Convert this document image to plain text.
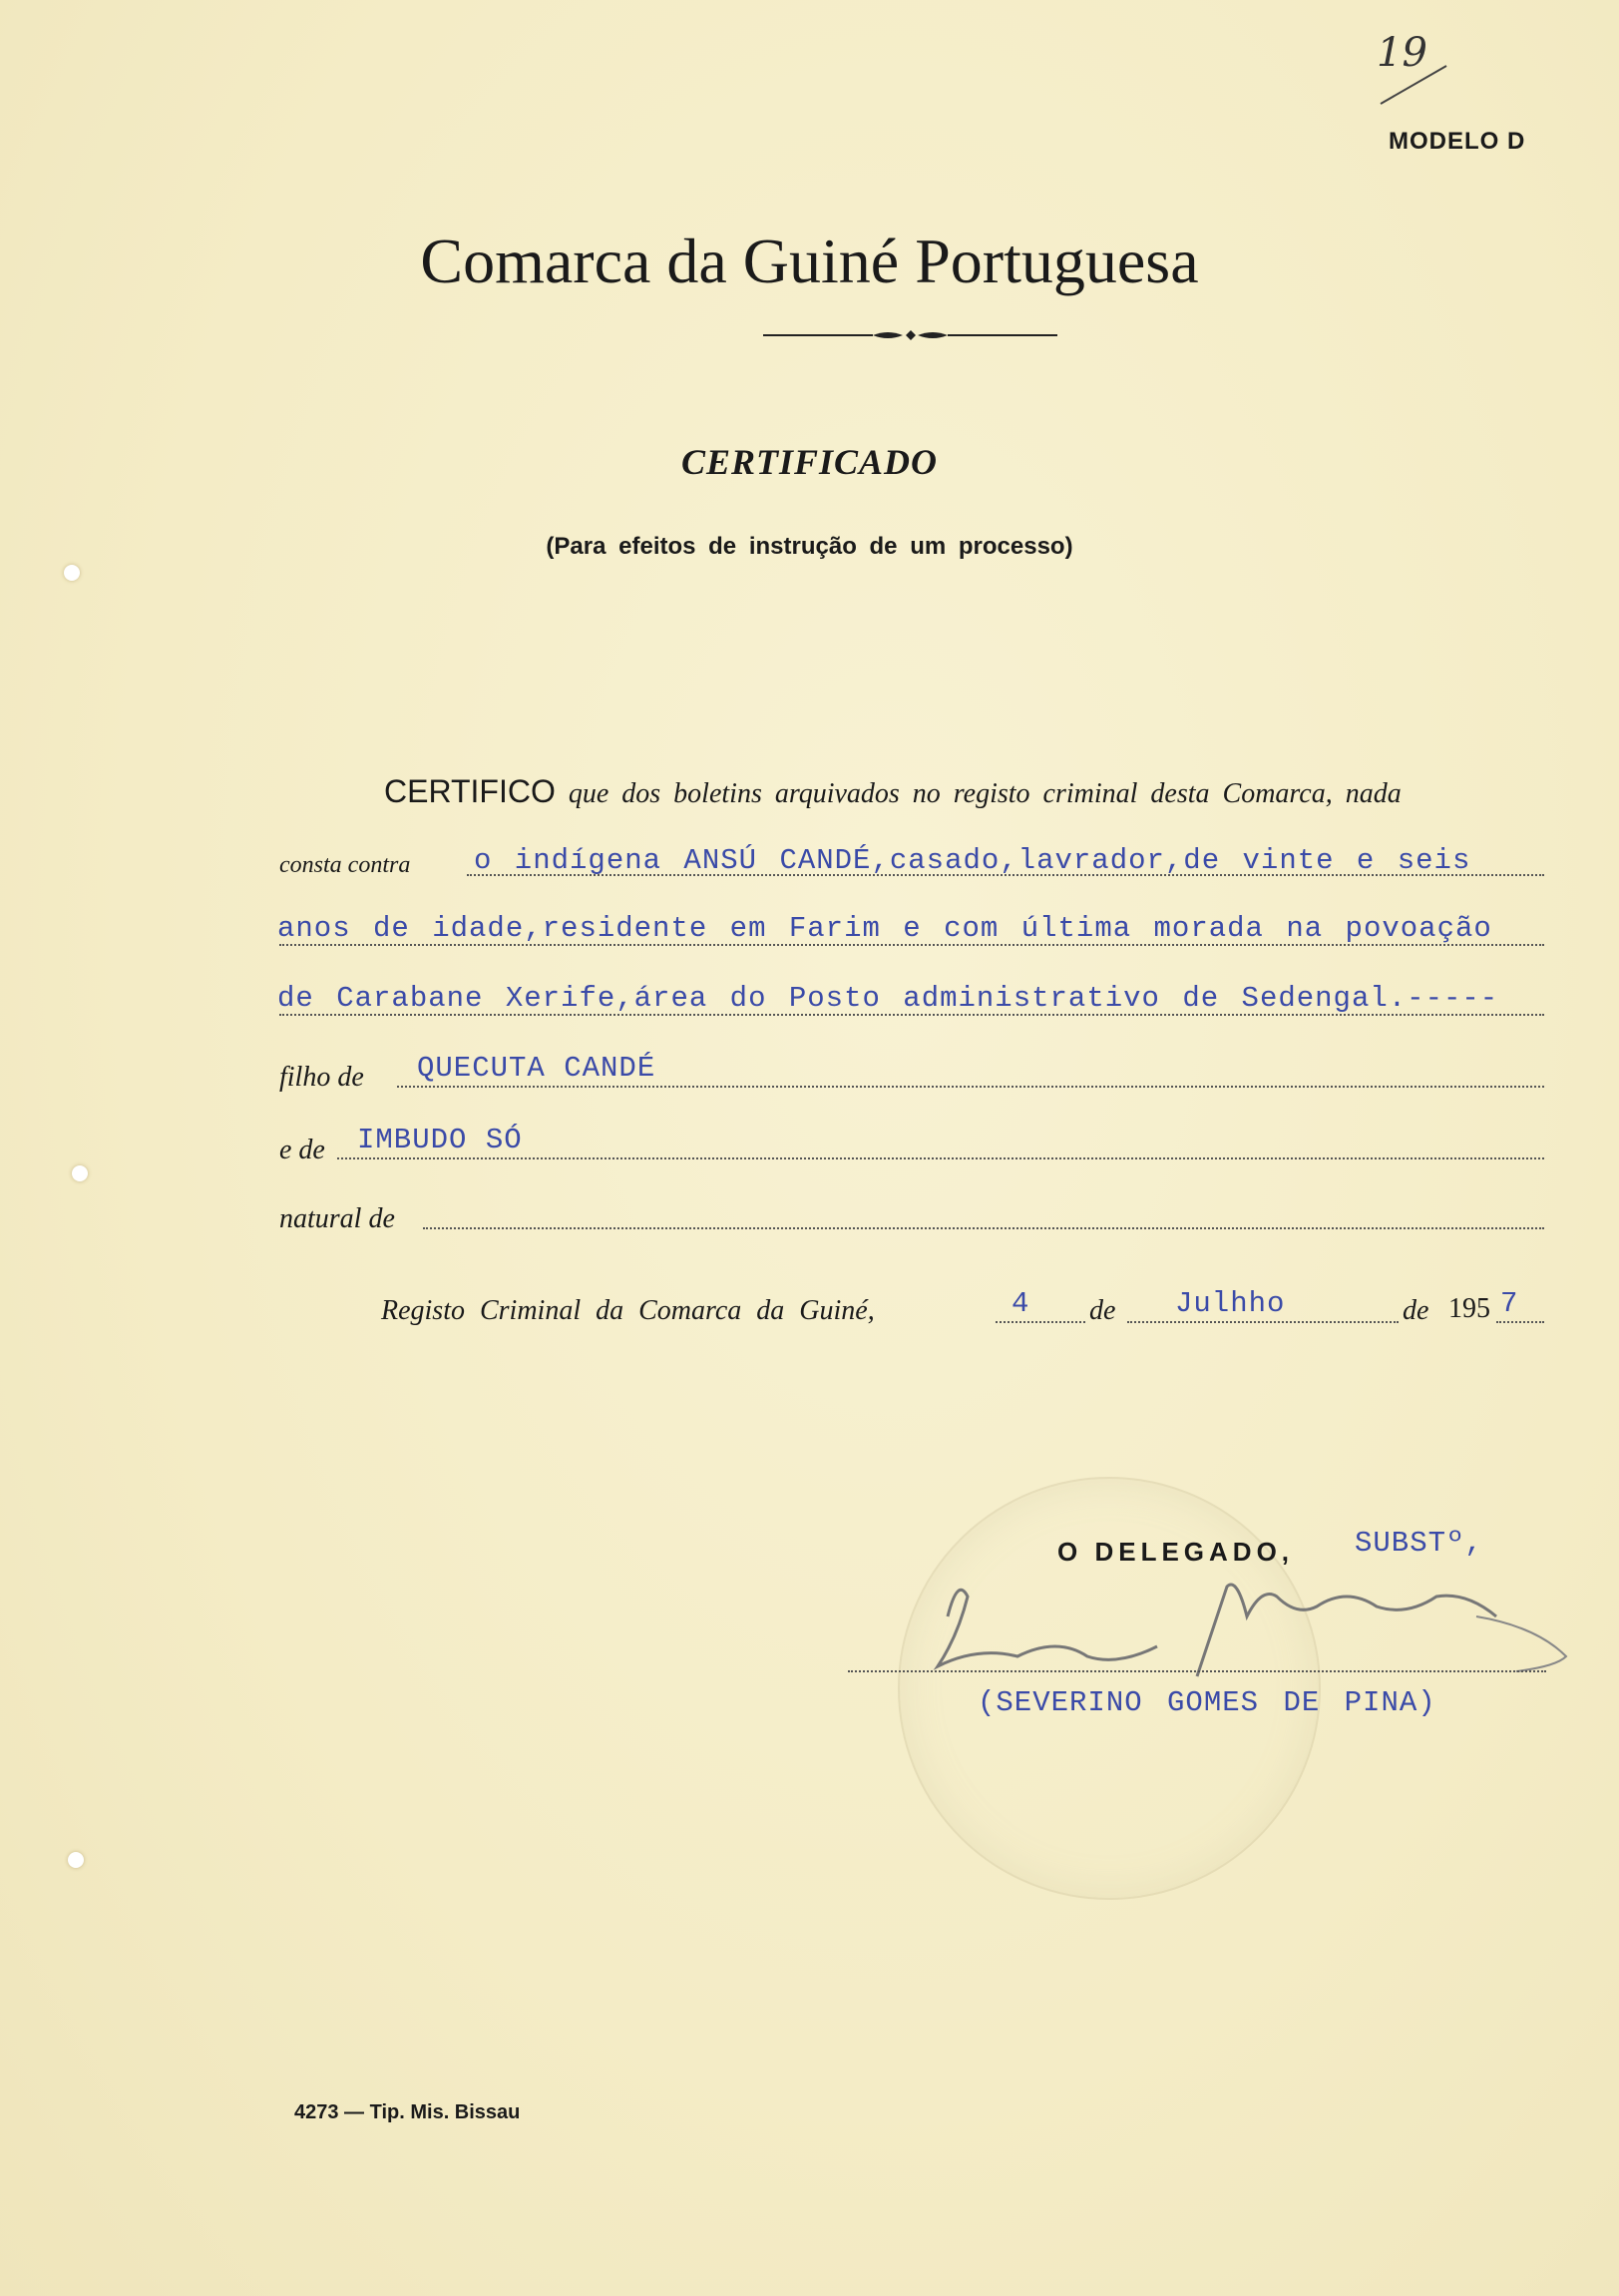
19
MODELO D
Comarca da Guiné Portuguesa
CERTIFICADO
(Para efeitos de instrução de um processo)
CERTIFICO que dos boletins arquivados no registo criminal desta Comarca, nada
consta contra o indígena ANSÚ CANDÉ,casado,lavrador,de vinte e seis
anos de idade,residente em Farim e com última morada na povoação
de Carabane Xerife,área do Posto administrativo de Sedengal.-----
filho de QUECUTA CANDÉ
e de IMBUDO SÓ
natural de
Registo Criminal da Comarca da Guiné,	4 de Julhho	de 195 7
O DELEGADO, SUBSTº,
(SEVERINO GOMES DE PINA)
4273 — Tip. Mis. Bissau
